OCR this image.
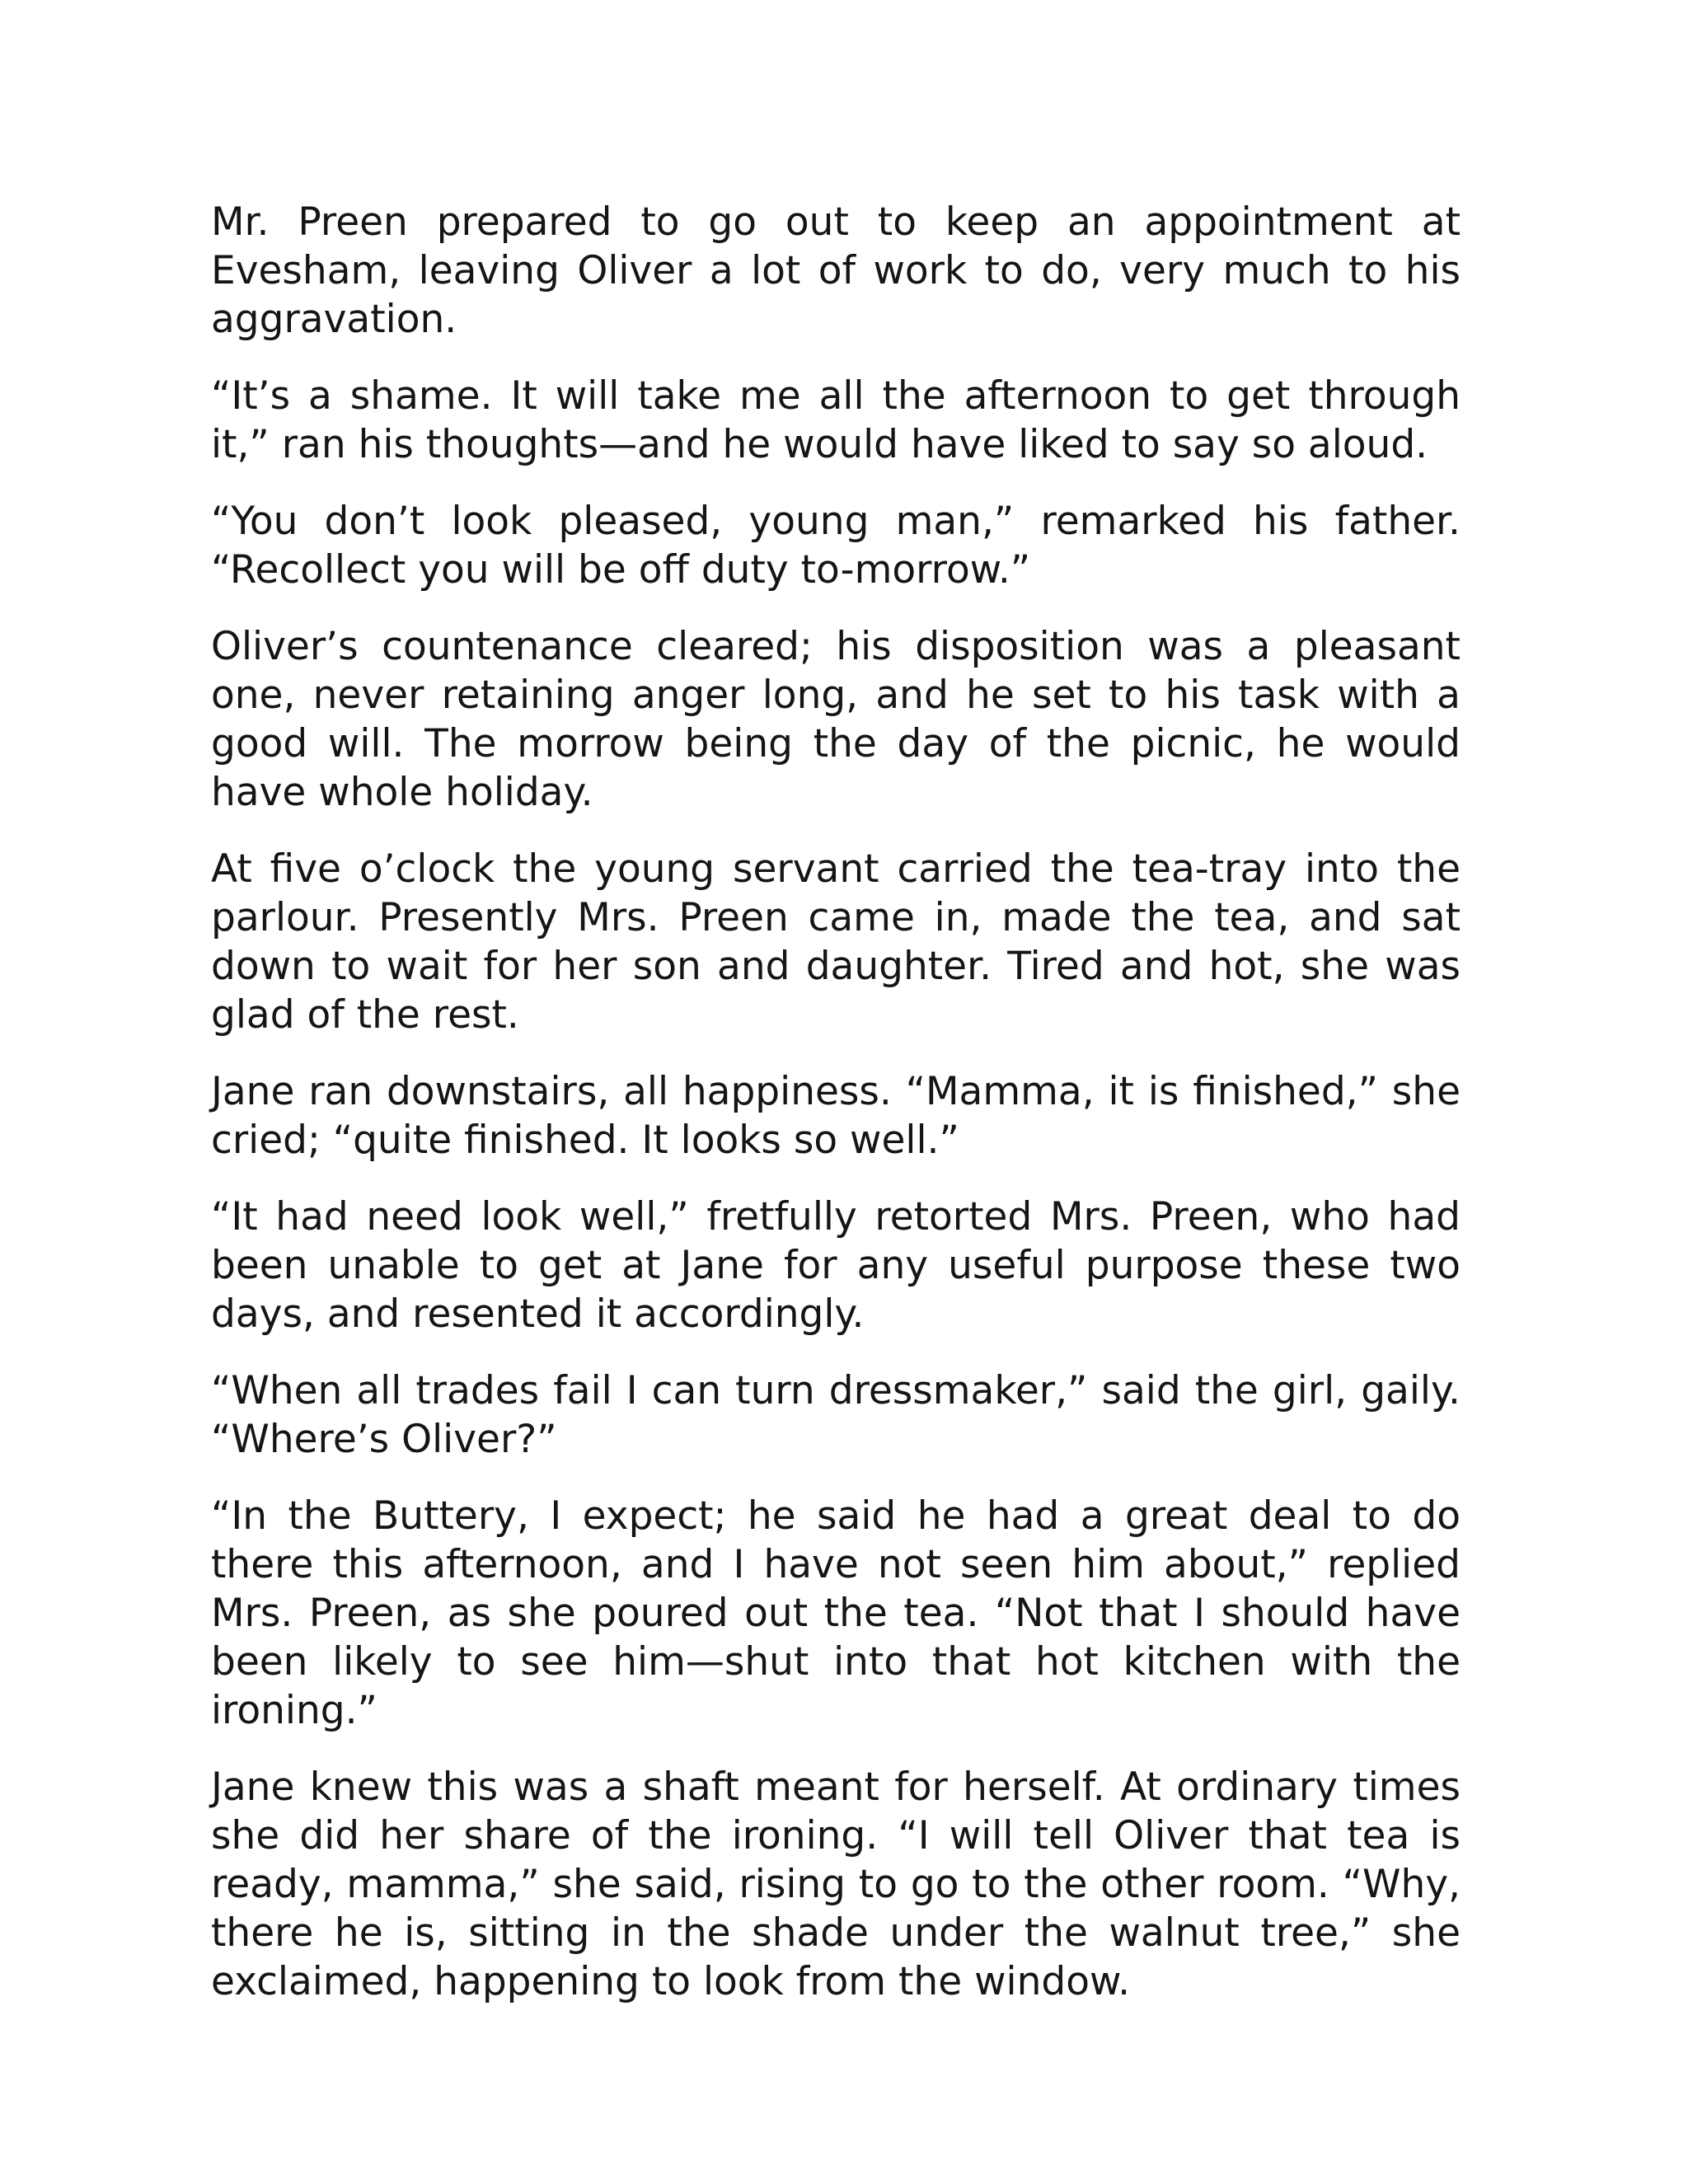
Mr. Preen prepared to go out to keep an appointment at Evesham, leaving Oliver a lot of work to do, very much to his aggravation.

“It’s a shame. It will take me all the afternoon to get through it,” ran his thoughts—and he would have liked to say so aloud.

“You don’t look pleased, young man,” remarked his father. “Recollect you will be off duty to-morrow.”

Oliver’s countenance cleared; his disposition was a pleasant one, never retaining anger long, and he set to his task with a good will. The morrow being the day of the picnic, he would have whole holiday.

At five o’clock the young servant carried the tea-tray into the parlour. Presently Mrs. Preen came in, made the tea, and sat down to wait for her son and daughter. Tired and hot, she was glad of the rest.

Jane ran downstairs, all happiness. “Mamma, it is finished,” she cried; “quite finished. It looks so well.”

“It had need look well,” fretfully retorted Mrs. Preen, who had been unable to get at Jane for any useful purpose these two days, and resented it accordingly.

“When all trades fail I can turn dressmaker,” said the girl, gaily. “Where’s Oliver?”

“In the Buttery, I expect; he said he had a great deal to do there this afternoon, and I have not seen him about,” replied Mrs. Preen, as she poured out the tea. “Not that I should have been likely to see him—shut into that hot kitchen with the ironing.”

Jane knew this was a shaft meant for herself. At ordinary times she did her share of the ironing. “I will tell Oliver that tea is ready, mamma,” she said, rising to go to the other room. “Why, there he is, sitting in the shade under the walnut tree,” she exclaimed, happening to look from the window.
